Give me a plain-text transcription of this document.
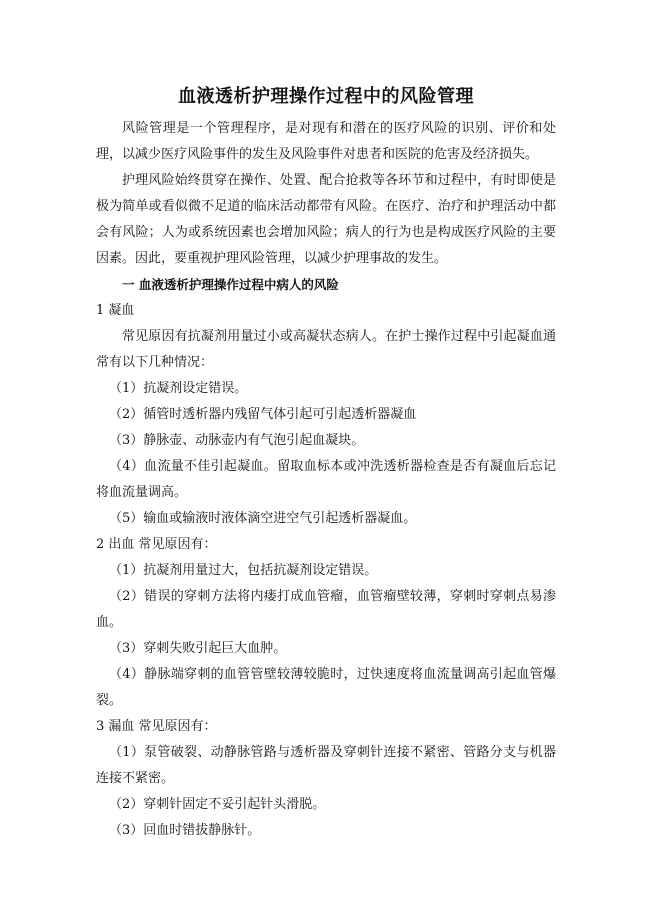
血液透析护理操作过程中的风险管理

风险管理是一个管理程序，是对现有和潜在的医疗风险的识别、评价和处理，以减少医疗风险事件的发生及风险事件对患者和医院的危害及经济损失。

护理风险始终贯穿在操作、处置、配合抢救等各环节和过程中，有时即使是极为简单或看似微不足道的临床活动都带有风险。在医疗、治疗和护理活动中都会有风险；人为或系统因素也会增加风险；病人的行为也是构成医疗风险的主要因素。因此，要重视护理风险管理，以减少护理事故的发生。

一 血液透析护理操作过程中病人的风险

1 凝血

常见原因有抗凝剂用量过小或高凝状态病人。在护士操作过程中引起凝血通常有以下几种情况：

（1）抗凝剂设定错误。

（2）循管时透析器内残留气体引起可引起透析器凝血

（3）静脉壶、动脉壶内有气泡引起血凝块。

（4）血流量不佳引起凝血。留取血标本或冲洗透析器检查是否有凝血后忘记将血流量调高。

（5）输血或输液时液体滴空进空气引起透析器凝血。

2 出血 常见原因有：

（1）抗凝剂用量过大，包括抗凝剂设定错误。

（2）错误的穿刺方法将内瘘打成血管瘤，血管瘤壁较薄，穿刺时穿刺点易渗血。

（3）穿刺失败引起巨大血肿。

（4）静脉端穿刺的血管管壁较薄较脆时，过快速度将血流量调高引起血管爆裂。

3 漏血 常见原因有：

（1）泵管破裂、动静脉管路与透析器及穿刺针连接不紧密、管路分支与机器连接不紧密。

（2）穿刺针固定不妥引起针头滑脱。

（3）回血时错拔静脉针。
